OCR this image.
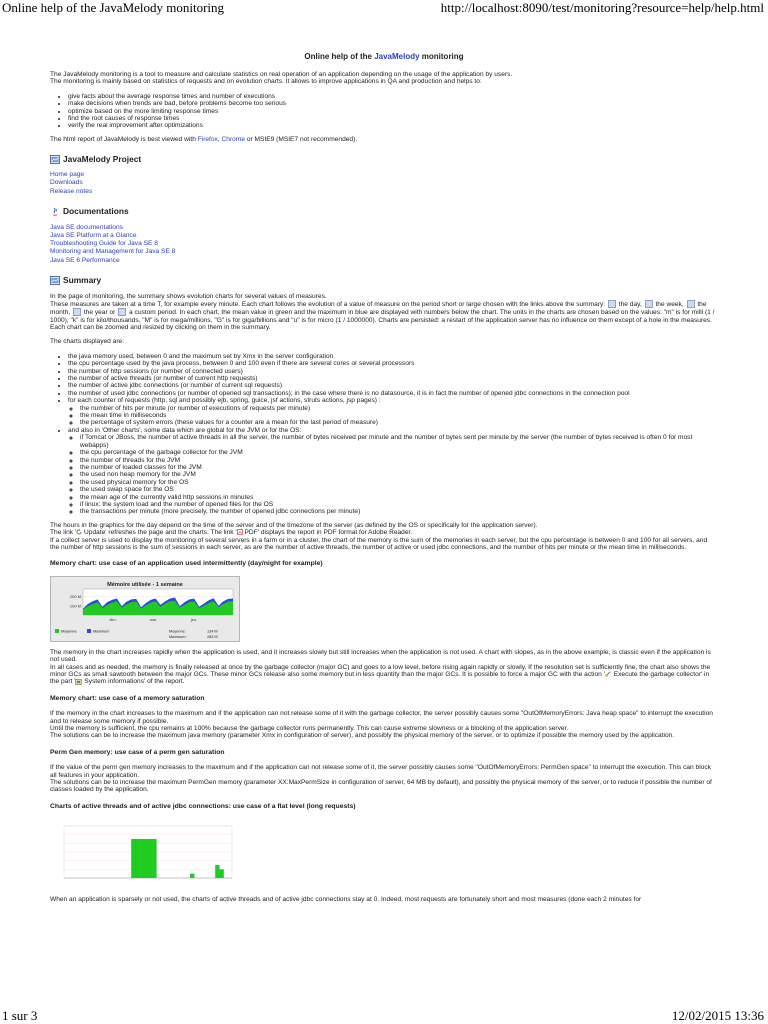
Online help of the JavaMelody monitoring	http://localhost:8090/test/monitoring?resource=help/help.html
Online help of the JavaMelody monitoring

The JavaMelody monitoring is a tool to measure and calculate statistics on real operation of an application depending on the usage of the application by users.
The monitoring is mainly based on statistics of requests and on evolution charts. It allows to improve applications in QA and production and helps to:

• give facts about the average response times and number of executions
• make decisions when trends are bad, before problems become too serious
• optimize based on the more limiting response times
• find the root causes of response times
• verify the real improvement after optimizations

The html report of JavaMelody is best viewed with Firefox, Chrome or MSIE9 (MSIE7 not recommended).

JavaMelody Project
Home page
Downloads
Release notes
Documentations
Java SE documentations
Java SE Platform at a Glance
Troubleshooting Guide for Java SE 8
Monitoring and Management for Java SE 8
Java SE 6 Performance
Summary

In the page of monitoring, the summary shows evolution charts for several values of measures.
These measures are taken at a time T, for example every minute. Each chart follows the evolution of a value of measure on the period short or large chosen with the links above the summary:  the day,  the week,  the month,  the year or  a custom period. In each chart, the mean value in green and the maximum in blue are displayed with numbers below the chart. The units in the charts are chosen based on the values: "m" is for milli (1 / 1000), "k" is for kilo/thousands, "M" is for mega/millions, "G" is for giga/billions and "u" is for micro (1 / 1000000). Charts are persisted: a restart of the application server has no influence on them except of a hole in the measures.
Each chart can be zoomed and resized by clicking on them in the summary.

The charts displayed are:

• the java memory used, between 0 and the maximum set by Xmx in the server configuration
• the cpu percentage used by the java process, between 0 and 100 even if there are several cores or several processors
• the number of http sessions (or number of connected users)
• the number of active threads (or number of current http requests)
• the number of active jdbc connections (or number of current sql requests)
• the number of used jdbc connections (or number of opened sql transactions); in the case where there is no datasource, it is in fact the number of opened jdbc connections in the connection pool
• for each counter of requests (http, sql and possibly ejb, spring, guice, jsf actions, struts actions, jsp pages) :
◦ the number of hits per minute (or number of executions of requests per minute)
◦ the mean time in milliseconds
◦ the percentage of system errors (these values for a counter are a mean for the last period of measure)
• and also in 'Other charts', some data which are global for the JVM or for the OS:
◦ if Tomcat or JBoss, the number of active threads in all the server, the number of bytes received per minute and the number of bytes sent per minute by the server (the number of bytes received is often 0 for most webapps)
◦ the cpu percentage of the garbage collector for the JVM
◦ the number of threads for the JVM
◦ the number of loaded classes for the JVM
◦ the used non heap memory for the JVM
◦ the used physical memory for the OS
◦ the used swap space for the OS
◦ the mean age of the currently valid http sessions in minutes
◦ if linux: the system load and the number of opened files for the OS
◦ the transactions per minute (more precisely, the number of opened jdbc connections per minute)

The hours in the graphics for the day depend on the time of the server and of the timezone of the server (as defined by the OS or specifically for the application server).
The link ' Update' refreshes the page and the charts. The link ' PDF' displays the report in PDF format for Adobe Reader.
If a collect server is used to display the monitoring of several servers in a farm or in a cluster, the chart of the memory is the sum of the memories in each server, but the cpu percentage is between 0 and 100 for all servers, and the number of http sessions is the sum of sessions in each server, as are the number of active threads, the number of active or used jdbc connections, and the number of hits per minute or the mean time in milliseconds.

Memory chart: use case of an application used intermittently (day/night for example)
Mémoire utilisée - 1 semaine
200 M
100 M
dim.	mar.	jeu.
Moyenne	Maximum	Moyenne:	134 M
Maximum:	283 M

The memory in the chart increases rapidly when the application is used, and it increases slowly but still increases when the application is not used. A chart with slopes, as in the above example, is classic even if the application is not used.
In all cases and as needed, the memory is finally released at once by the garbage collector (major GC) and goes to a low level, before rising again rapidly or slowly. If the resolution set is sufficiently fine, the chart also shows the minor GCs as small sawtooth between the major GCs. These minor GCs release also some memory but in less quantity than the major GCs. It is possible to force a major GC with the action ' Execute the garbage collector' in the part ' System informations' of the report.

Memory chart: use case of a memory saturation

If the memory in the chart increases to the maximum and if the application can not release some of it with the garbage collector, the server possibly causes some "OutOfMemoryErrors: Java heap space" to interrupt the execution and to release some memory if possible.
Until the memory is sufficient, the cpu remains at 100% because the garbage collector runs permanently. This can cause extreme slowness or a blocking of the application server.
The solutions can be to increase the maximum java memory (parameter Xmx in configuration of server), and possibly the physical memory of the server, or to optimize if possible the memory used by the application.

Perm Gen memory: use case of a perm gen saturation

If the value of the perm gen memory increases to the maximum and if the application can not release some of it, the server possibly causes some "OutOfMemoryErrors: PermGen space" to interrupt the execution. This can block all features in your application.
The solutions can be to increase the maximum PermGen memory (parameter XX:MaxPermSize in configuration of server, 64 MB by default), and possibly the physical memory of the server, or to reduce if possible the number of classes loaded by the application.

Charts of active threads and of active jdbc connections: use case of a flat level (long requests)

When an application is sparsely or not used, the charts of active threads and of active jdbc connections stay at 0. Indeed, most requests are fortunately short and most measures (done each 2 minutes for

1 sur 3	12/02/2015 13:36
